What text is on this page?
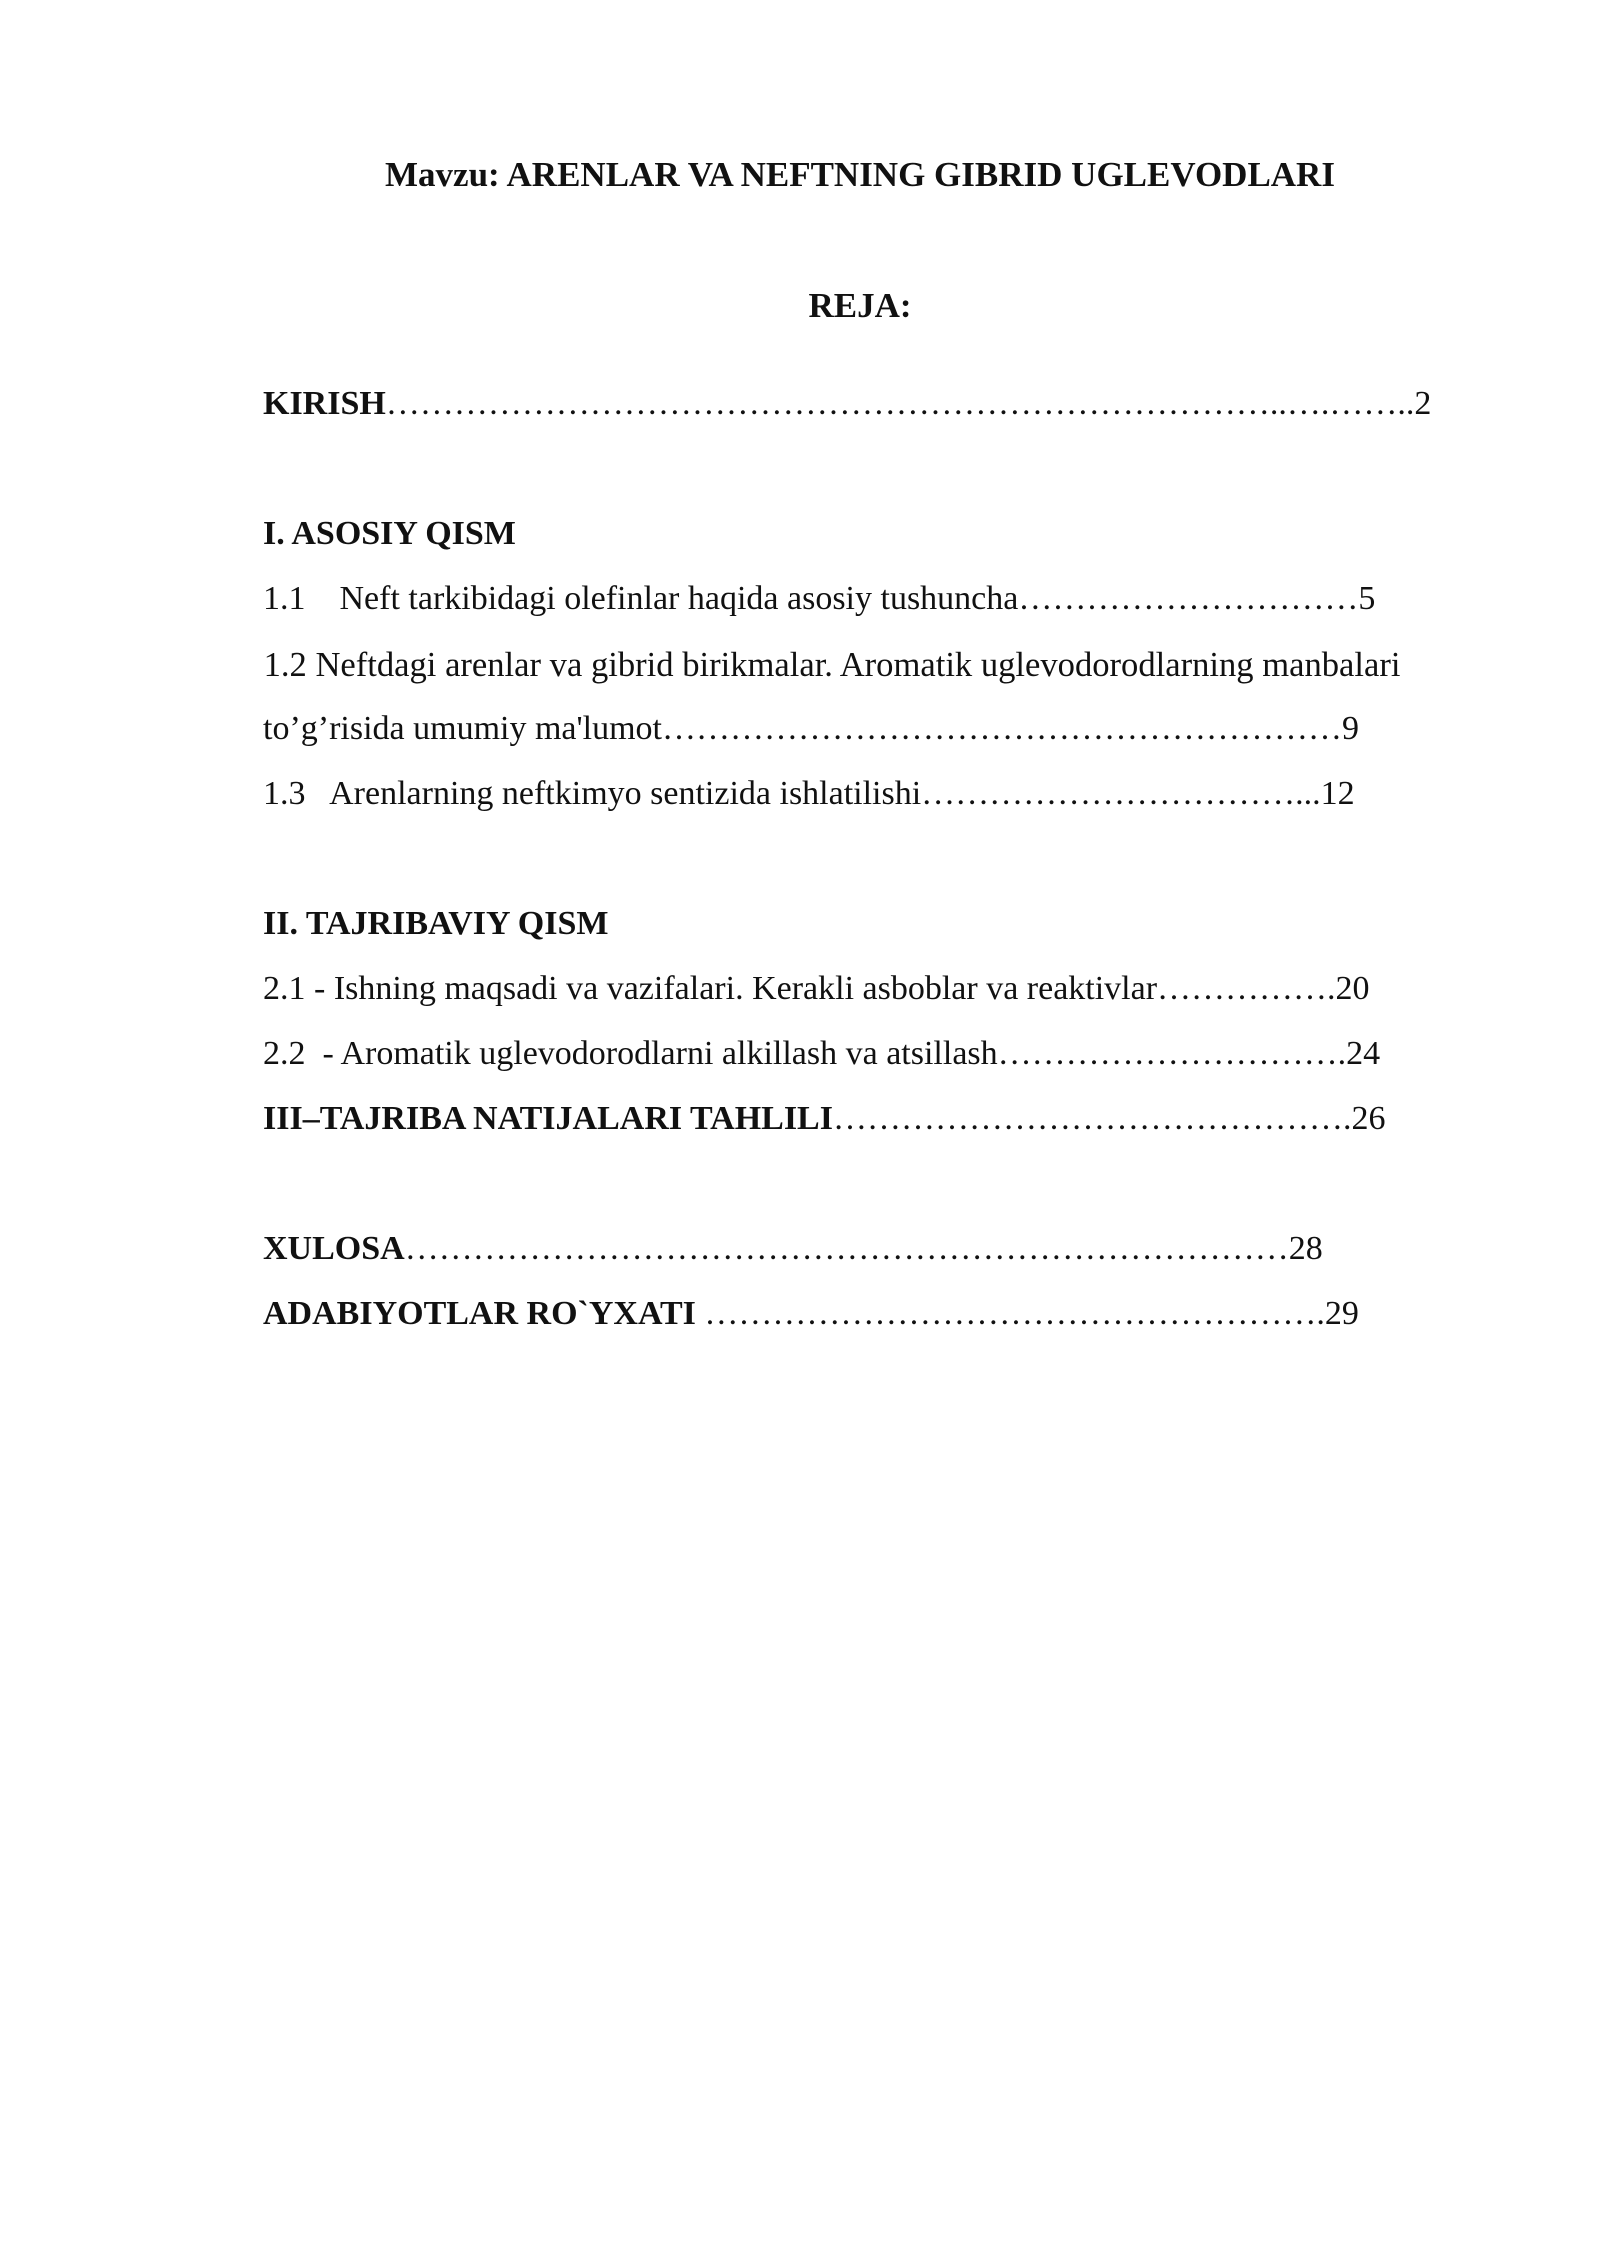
Mavzu: ARENLAR VA NEFTNING GIBRID UGLEVODLARI
REJA:

KIRISH……………………………………………………………………..….……..2

I. ASOSIY QISM

1.1    Neft tarkibidagi olefinlar haqida asosiy tushuncha…………………………5

1.2 Neftdagi arenlar va gibrid birikmalar. Aromatik uglevodorodlarning manbalari

to’g’risida umumiy ma'lumot……………………………………………………9

1.3   Arenlarning neftkimyo sentizida ishlatilishi……………………………...12

II. TAJRIBAVIY QISM

2.1 - Ishning maqsadi va vazifalari. Kerakli asboblar va reaktivlar…………….20

2.2  - Aromatik uglevodorodlarni alkillash va atsillash………………………….24

III–TAJRIBA NATIJALARI TAHLILI……………………………………….26

XULOSA……………………………………………………………………28

ADABIYOTLAR RO`YXATI ……………………………………………….29
